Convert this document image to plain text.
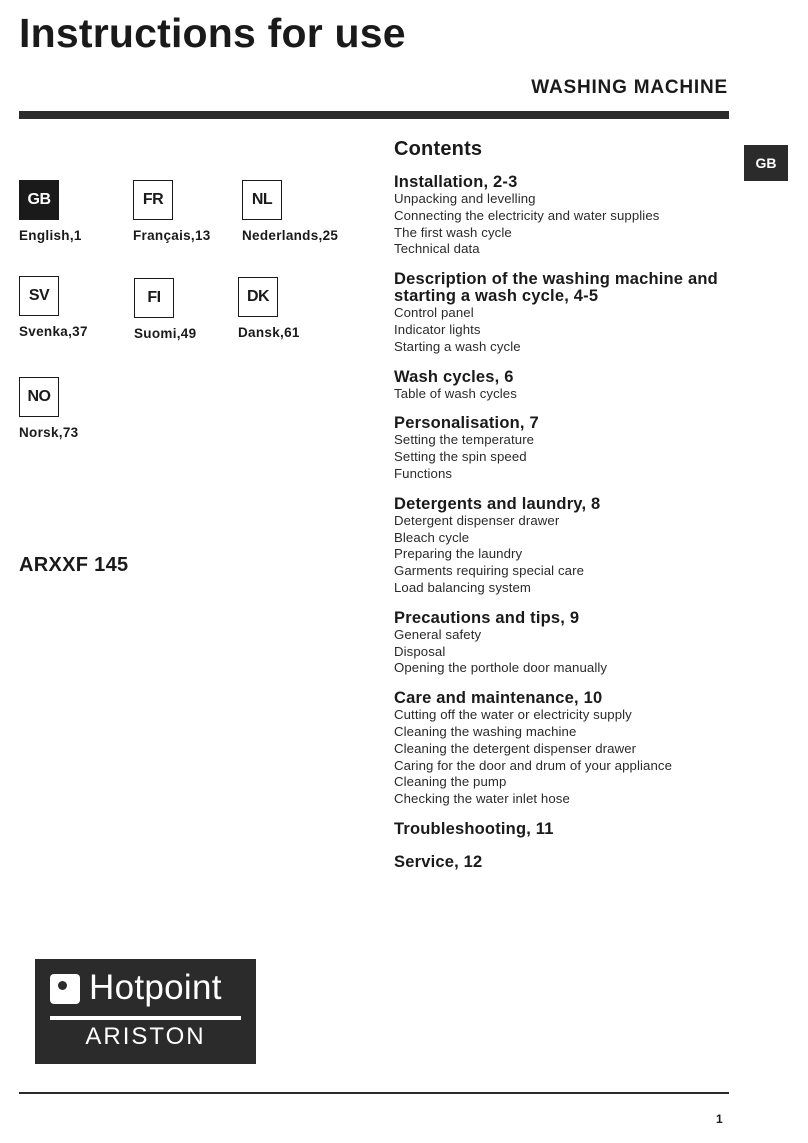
Instructions for use
WASHING MACHINE
GB
GB
English,1
FR
Français,13
NL
Nederlands,25
SV
Svenka,37
FI
Suomi,49
DK
Dansk,61
NO
Norsk,73
ARXXF 145
Contents
Installation, 2-3
Unpacking and levelling
Connecting the electricity and water supplies
The first wash cycle
Technical data
Description of the washing machine and starting a wash cycle, 4-5
Control panel
Indicator lights
Starting a wash cycle
Wash cycles, 6
Table of wash cycles
Personalisation, 7
Setting the temperature
Setting the spin speed
Functions
Detergents and laundry, 8
Detergent dispenser drawer
Bleach cycle
Preparing the laundry
Garments requiring special care
Load balancing system
Precautions and tips, 9
General safety
Disposal
Opening the porthole door manually
Care and maintenance, 10
Cutting off the water or electricity supply
Cleaning the washing machine
Cleaning the detergent dispenser drawer
Caring for the door and drum of your appliance
Cleaning the pump
Checking the water inlet hose
Troubleshooting, 11
Service, 12
Hotpoint
ARISTON
1
